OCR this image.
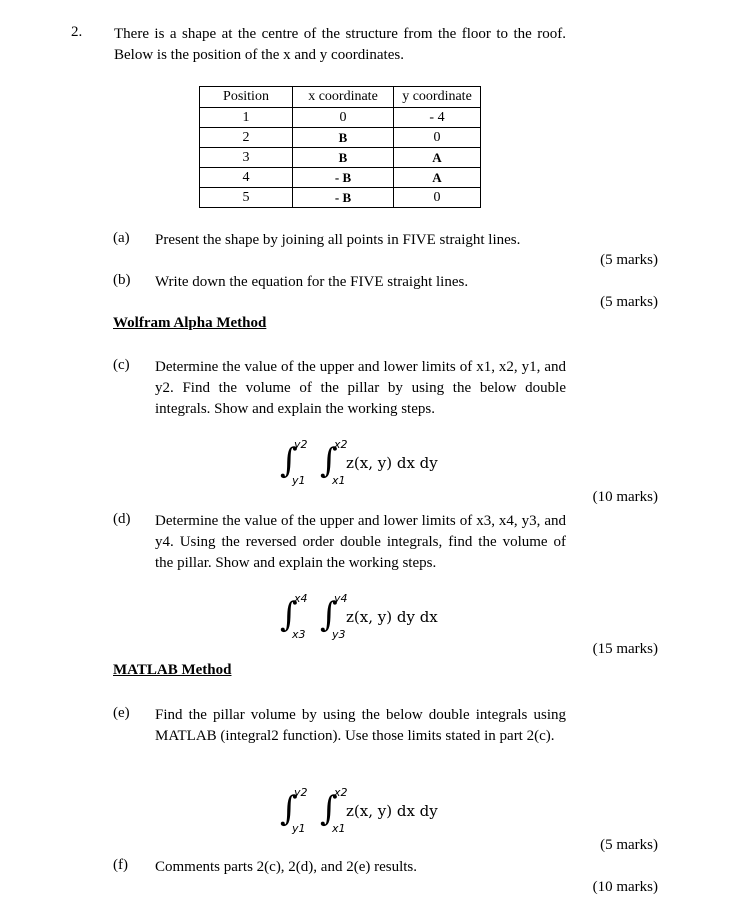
2. There is a shape at the centre of the structure from the floor to the roof. Below is the position of the x and y coordinates.
Position	x coordinate	y coordinate
1	0	- 4
2	B	0
3	B	A
4	- B	A
5	- B	0
(a) Present the shape by joining all points in FIVE straight lines.
(5 marks)
(b) Write down the equation for the FIVE straight lines.
(5 marks)
Wolfram Alpha Method
(c) Determine the value of the upper and lower limits of x1, x2, y1, and y2. Find the volume of the pillar by using the below double integrals. Show and explain the working steps.
∫
y2
y1 ∫
x2
x1
z(x, y) dx dy
(10 marks)
(d) Determine the value of the upper and lower limits of x3, x4, y3, and y4. Using the reversed order double integrals, find the volume of the pillar. Show and explain the working steps.
∫
x4
x3 ∫
y4
y3
z(x, y) dy dx
(15 marks)
MATLAB Method
(e) Find the pillar volume by using the below double integrals using MATLAB (integral2 function). Use those limits stated in part 2(c).
∫
y2
y1 ∫
x2
x1
z(x, y) dx dy
(5 marks)
(f) Comments parts 2(c), 2(d), and 2(e) results.
(10 marks)
